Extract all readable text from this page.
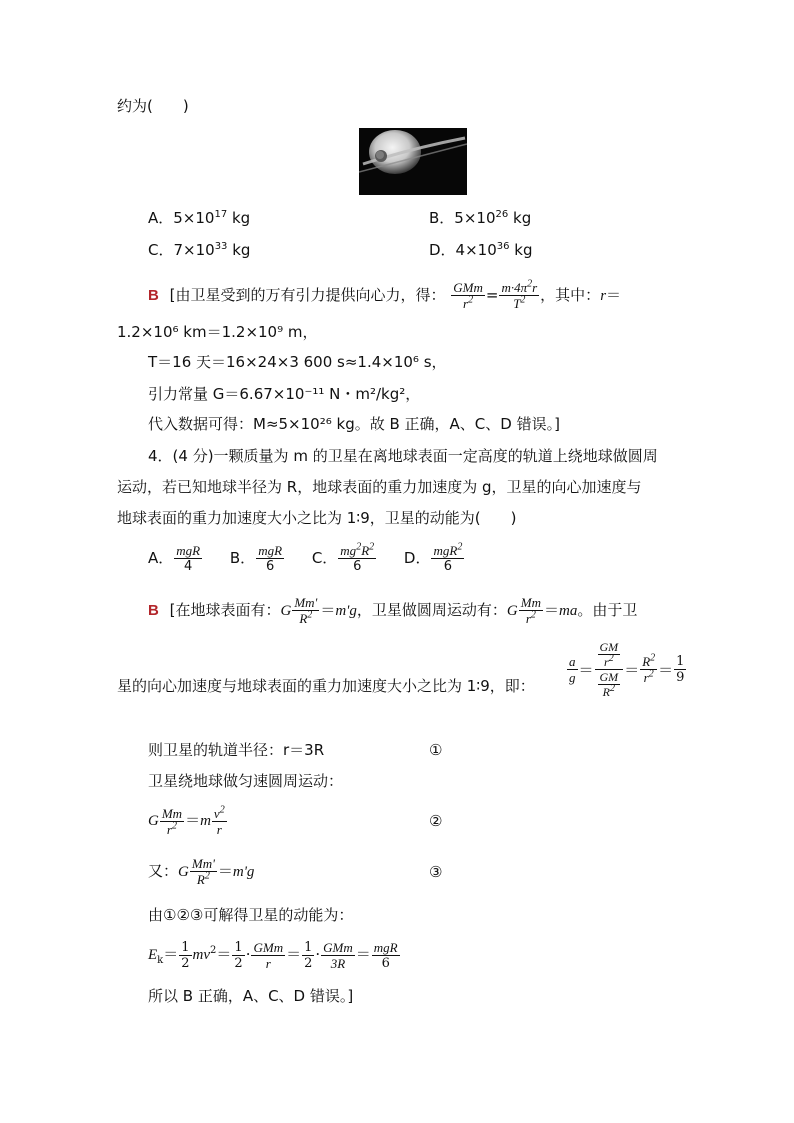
约为(　　)
A．$5\times 10^{17}$ kg	B．$5\times 10^{26}$ kg
C．$7\times 10^{33}$ kg	D．$4\times 10^{36}$ kg
B [由卫星受到的万有引力提供向心力，得： $\frac{\text{GMm}}{r^2} = \frac{m\cdot 4\pi^2r}{T^2}$ ，其中：r＝
1.2×10⁶ km＝1.2×10⁹ m，
T＝16 天＝16×24×3 600 s≈1.4×10⁶ s，
引力常量 G＝6.67×10⁻¹¹ N・m²/kg²，
代入数据可得：M≈5×10²⁶ kg。故 B 正确，A、C、D 错误。]
4．(4 分)一颗质量为 m 的卫星在离地球表面一定高度的轨道上绕地球做圆周
运动，若已知地球半径为 R，地球表面的重力加速度为 g，卫星的向心加速度与
地球表面的重力加速度大小之比为 1∶9，卫星的动能为(　　)
A． $\frac{\text{mgR}}{4}$ B． $\frac{\text{mgR}}{6}$ C． $\frac{mg^2R^2}{6}$ D． $\frac{mgR^2}{6}$
B [在地球表面有：G $\frac{Mm'}{R^2} =m'g$，卫星做圆周运动有：G $\frac{Mm}{r^2} =ma$。由于卫
星的向心加速度与地球表面的重力加速度大小之比为 1∶9，即：
$\frac{a}{g} = \frac{\frac{GM}{r^2}}{\frac{GM}{R^2}} = \frac{R^2}{r^2} = \frac{1}{9}$
则卫星的轨道半径：r＝3R	①
卫星绕地球做匀速圆周运动：
G $\frac{Mm}{r^2} =m \frac{v^2}{r}$	②
又：G $\frac{Mm'}{R^2} =m'g$	③
由①②③可解得卫星的动能为：
$E_k= \frac{1}{2} mv^2= \frac{1}{2} \cdot \frac{\text{GMm}}{r} = \frac{1}{2} \cdot \frac{\text{GMm}}{3R} = \frac{\text{mgR}}{6}$
所以 B 正确，A、C、D 错误。]
